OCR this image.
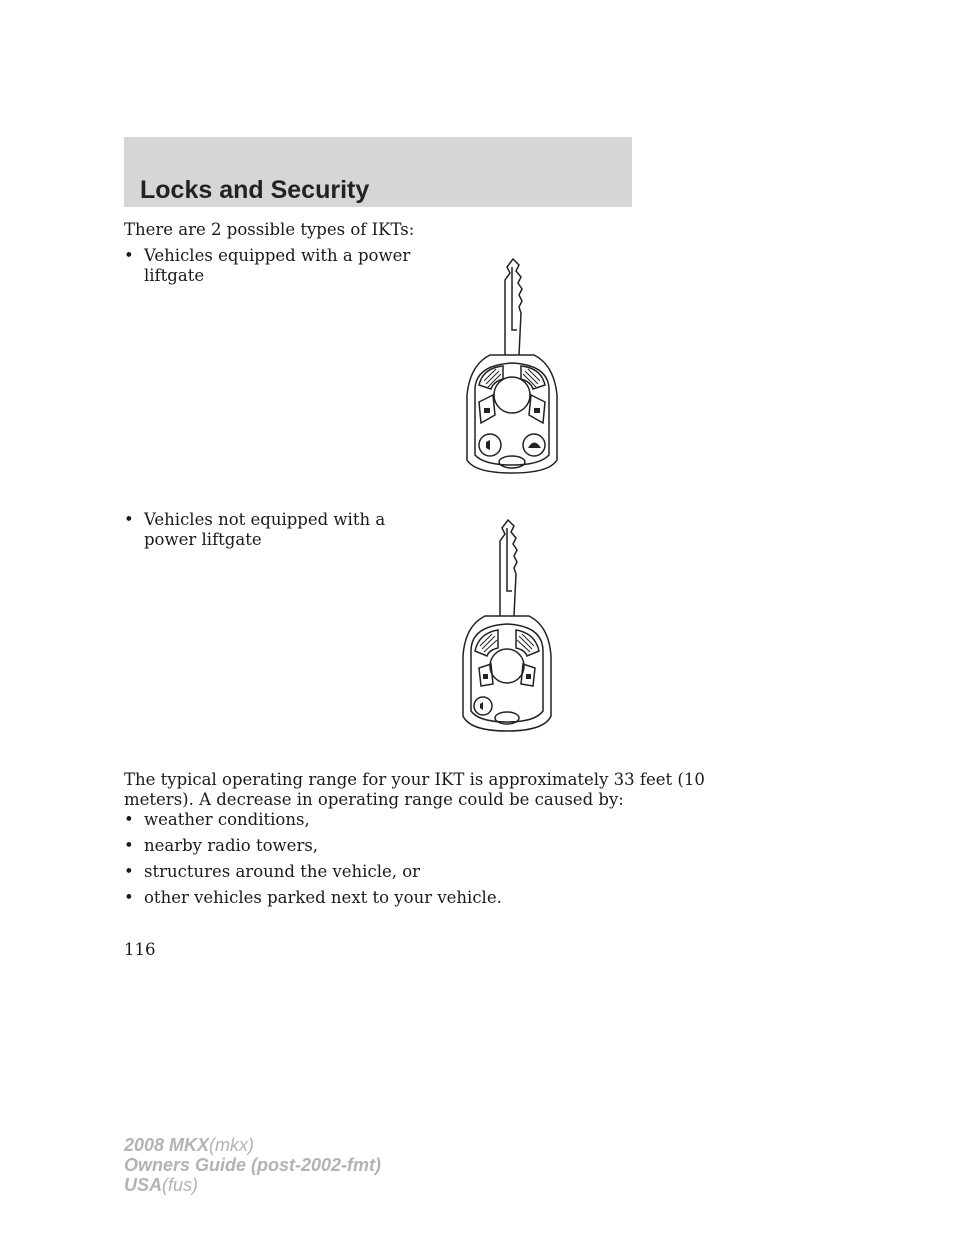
Locks and Security

There are 2 possible types of IKTs:

• Vehicles equipped with a power
liftgate
• Vehicles not equipped with a
power liftgate
The typical operating range for your IKT is approximately 33 feet (10
meters). A decrease in operating range could be caused by:
• weather conditions,
• nearby radio towers,
• structures around the vehicle, or
• other vehicles parked next to your vehicle.
116
2008 MKX(mkx)
Owners Guide (post-2002-fmt)
USA(fus)
